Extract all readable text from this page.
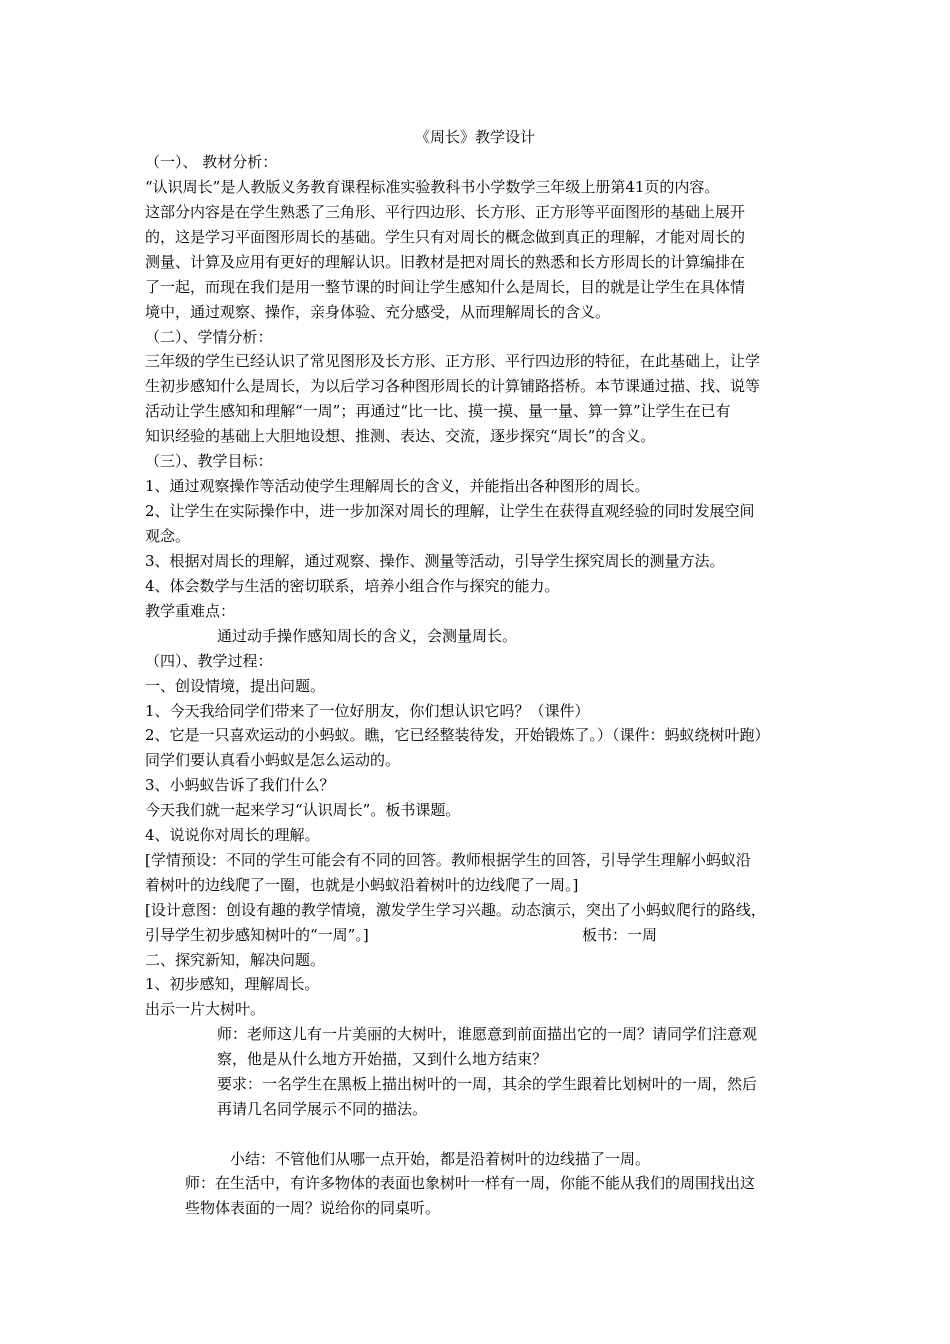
《周长》教学设计
（一）、 教材分析：
“认识周长”是人教版义务教育课程标准实验教科书小学数学三年级上册第41页的内容。
这部分内容是在学生熟悉了三角形、平行四边形、长方形、正方形等平面图形的基础上展开
的，这是学习平面图形周长的基础。学生只有对周长的概念做到真正的理解，才能对周长的
测量、计算及应用有更好的理解认识。旧教材是把对周长的熟悉和长方形周长的计算编排在
了一起，而现在我们是用一整节课的时间让学生感知什么是周长，目的就是让学生在具体情
境中，通过观察、操作，亲身体验、充分感受，从而理解周长的含义。
（二）、学情分析：
三年级的学生已经认识了常见图形及长方形、正方形、平行四边形的特征，在此基础上，让学
生初步感知什么是周长，为以后学习各种图形周长的计算铺路搭桥。本节课通过描、找、说等
活动让学生感知和理解“一周”；再通过“比一比、摸一摸、量一量、算一算”让学生在已有
知识经验的基础上大胆地设想、推测、表达、交流，逐步探究“周长”的含义。
（三）、教学目标：
1、通过观察操作等活动使学生理解周长的含义，并能指出各种图形的周长。
2、让学生在实际操作中，进一步加深对周长的理解，让学生在获得直观经验的同时发展空间
观念。
3、根据对周长的理解，通过观察、操作、测量等活动，引导学生探究周长的测量方法。
4、体会数学与生活的密切联系，培养小组合作与探究的能力。
教学重难点：
通过动手操作感知周长的含义，会测量周长。
（四）、教学过程：
一、创设情境，提出问题。
1、今天我给同学们带来了一位好朋友，你们想认识它吗？（课件）
2、它是一只喜欢运动的小蚂蚁。瞧，它已经整装待发，开始锻炼了。）（课件：蚂蚁绕树叶跑）
同学们要认真看小蚂蚁是怎么运动的。
3、小蚂蚁告诉了我们什么？
今天我们就一起来学习“认识周长”。板书课题。
4、说说你对周长的理解。
[学情预设：不同的学生可能会有不同的回答。教师根据学生的回答，引导学生理解小蚂蚁沿
着树叶的边线爬了一圈，也就是小蚂蚁沿着树叶的边线爬了一周。]
[设计意图：创设有趣的教学情境，激发学生学习兴趣。动态演示，突出了小蚂蚁爬行的路线，
引导学生初步感知树叶的“一周”。]	板书：一周
二、探究新知，解决问题。
1、初步感知，理解周长。
出示一片大树叶。
师：老师这儿有一片美丽的大树叶，谁愿意到前面描出它的一周？请同学们注意观
察，他是从什么地方开始描，又到什么地方结束？
要求：一名学生在黑板上描出树叶的一周，其余的学生跟着比划树叶的一周，然后
再请几名同学展示不同的描法。
小结：不管他们从哪一点开始，都是沿着树叶的边线描了一周。
师：在生活中，有许多物体的表面也象树叶一样有一周，你能不能从我们的周围找出这
些物体表面的一周？说给你的同桌听。
